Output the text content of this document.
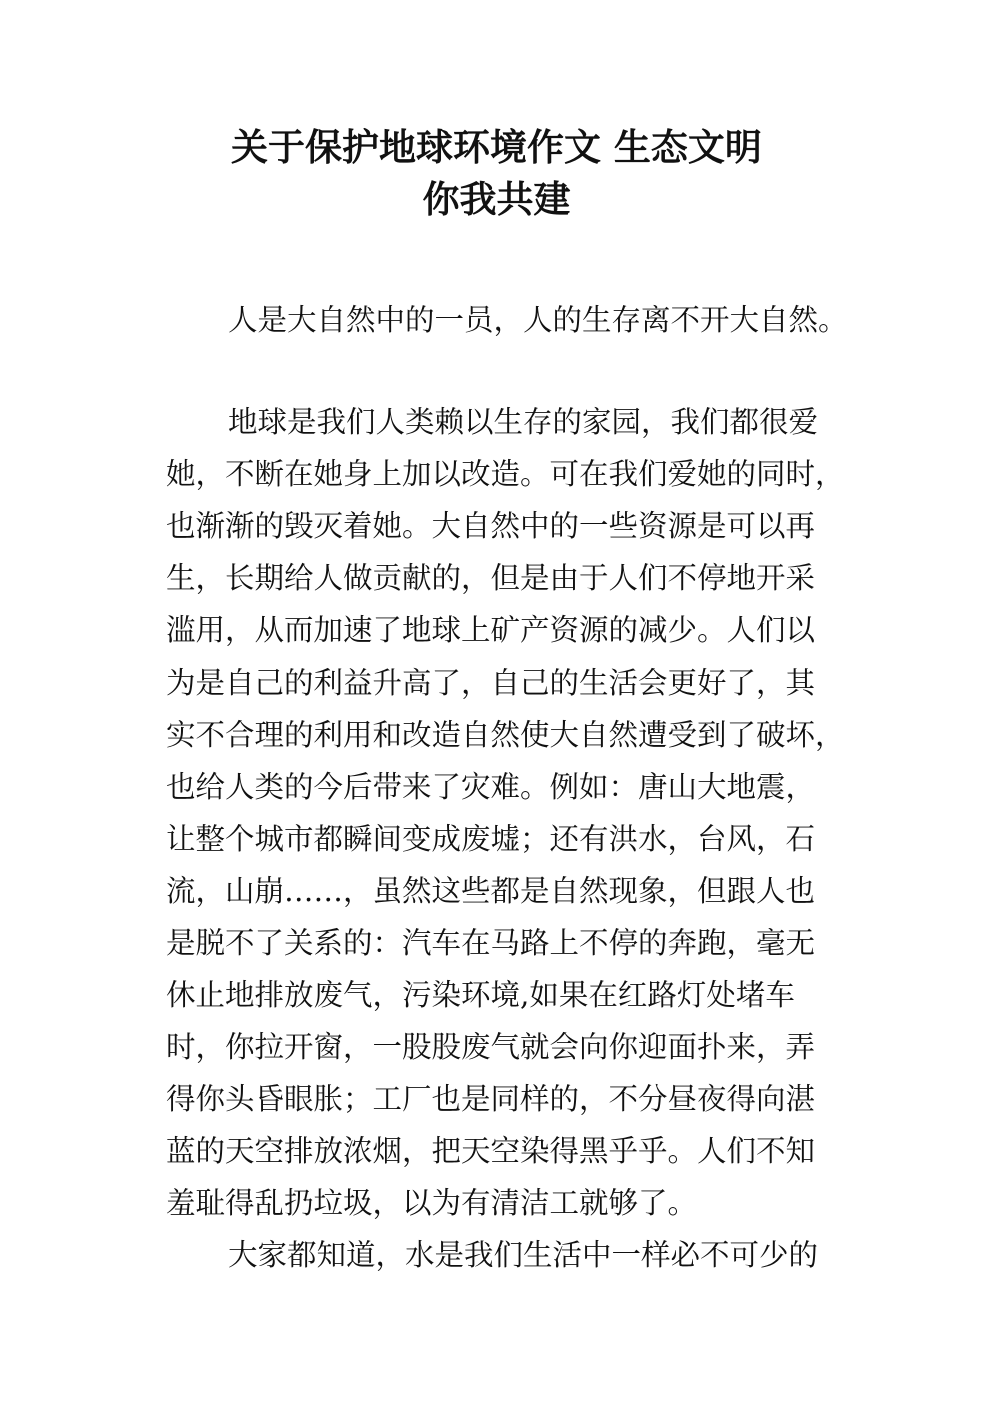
关于保护地球环境作文 生态文明
你我共建
人是大自然中的一员，人的生存离不开大自然。
地球是我们人类赖以生存的家园，我们都很爱
她，不断在她身上加以改造。可在我们爱她的同时，
也渐渐的毁灭着她。大自然中的一些资源是可以再
生，长期给人做贡献的，但是由于人们不停地开采
滥用，从而加速了地球上矿产资源的减少。人们以
为是自己的利益升高了，自己的生活会更好了，其
实不合理的利用和改造自然使大自然遭受到了破坏，
也给人类的今后带来了灾难。例如：唐山大地震，
让整个城市都瞬间变成废墟；还有洪水，台风，石
流，山崩……，虽然这些都是自然现象，但跟人也
是脱不了关系的：汽车在马路上不停的奔跑，毫无
休止地排放废气，污染环境,如果在红路灯处堵车
时，你拉开窗，一股股废气就会向你迎面扑来，弄
得你头昏眼胀；工厂也是同样的，不分昼夜得向湛
蓝的天空排放浓烟，把天空染得黑乎乎。人们不知
羞耻得乱扔垃圾，以为有清洁工就够了。
大家都知道，水是我们生活中一样必不可少的
